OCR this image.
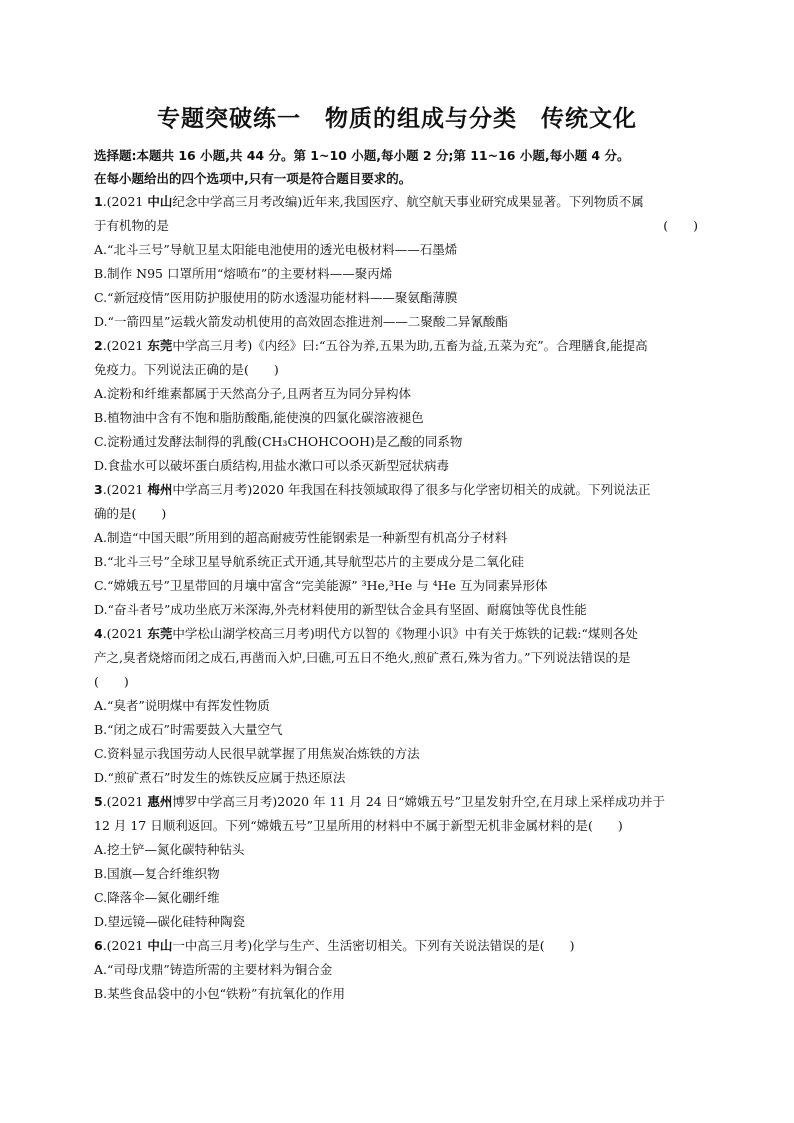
专题突破练一　物质的组成与分类　传统文化

选择题:本题共 16 小题,共 44 分。第 1~10 小题,每小题 2 分;第 11~16 小题,每小题 4 分。

在每小题给出的四个选项中,只有一项是符合题目要求的。

1.(2021 中山纪念中学高三月考改编)近年来,我国医疗、航空航天事业研究成果显著。下列物质不属

于有机物的是	(　　)

A.“北斗三号”导航卫星太阳能电池使用的透光电极材料——石墨烯

B.制作 N95 口罩所用“熔喷布”的主要材料——聚丙烯

C.“新冠疫情”医用防护服使用的防水透湿功能材料——聚氨酯薄膜

D.“一箭四星”运载火箭发动机使用的高效固态推进剂——二聚酸二异氰酸酯

2.(2021 东莞中学高三月考)《内经》曰:“五谷为养,五果为助,五畜为益,五菜为充”。合理膳食,能提高

免疫力。下列说法正确的是(　　)

A.淀粉和纤维素都属于天然高分子,且两者互为同分异构体

B.植物油中含有不饱和脂肪酸酯,能使溴的四氯化碳溶液褪色

C.淀粉通过发酵法制得的乳酸(CH₃CHOHCOOH)是乙酸的同系物

D.食盐水可以破坏蛋白质结构,用盐水漱口可以杀灭新型冠状病毒

3.(2021 梅州中学高三月考)2020 年我国在科技领域取得了很多与化学密切相关的成就。下列说法正

确的是(　　)

A.制造“中国天眼”所用到的超高耐疲劳性能钢索是一种新型有机高分子材料

B.“北斗三号”全球卫星导航系统正式开通,其导航型芯片的主要成分是二氧化硅

C.“嫦娥五号”卫星带回的月壤中富含“完美能源” ³He,³He 与 ⁴He 互为同素异形体

D.“奋斗者号”成功坐底万米深海,外壳材料使用的新型钛合金具有坚固、耐腐蚀等优良性能

4.(2021 东莞中学松山湖学校高三月考)明代方以智的《物理小识》中有关于炼铁的记载:“煤则各处

产之,臭者烧熔而闭之成石,再凿而入炉,曰礁,可五日不绝火,煎矿煮石,殊为省力。”下列说法错误的是

(　　)

A.“臭者”说明煤中有挥发性物质

B.“闭之成石”时需要鼓入大量空气

C.资料显示我国劳动人民很早就掌握了用焦炭冶炼铁的方法

D.“煎矿煮石”时发生的炼铁反应属于热还原法

5.(2021 惠州博罗中学高三月考)2020 年 11 月 24 日“嫦娥五号”卫星发射升空,在月球上采样成功并于

12 月 17 日顺利返回。下列“嫦娥五号”卫星所用的材料中不属于新型无机非金属材料的是(　　)

A.挖土铲—氮化碳特种钻头

B.国旗—复合纤维织物

C.降落伞—氮化硼纤维

D.望远镜—碳化硅特种陶瓷

6.(2021 中山一中高三月考)化学与生产、生活密切相关。下列有关说法错误的是(　　)

A.“司母戊鼎”铸造所需的主要材料为铜合金

B.某些食品袋中的小包“铁粉”有抗氧化的作用
